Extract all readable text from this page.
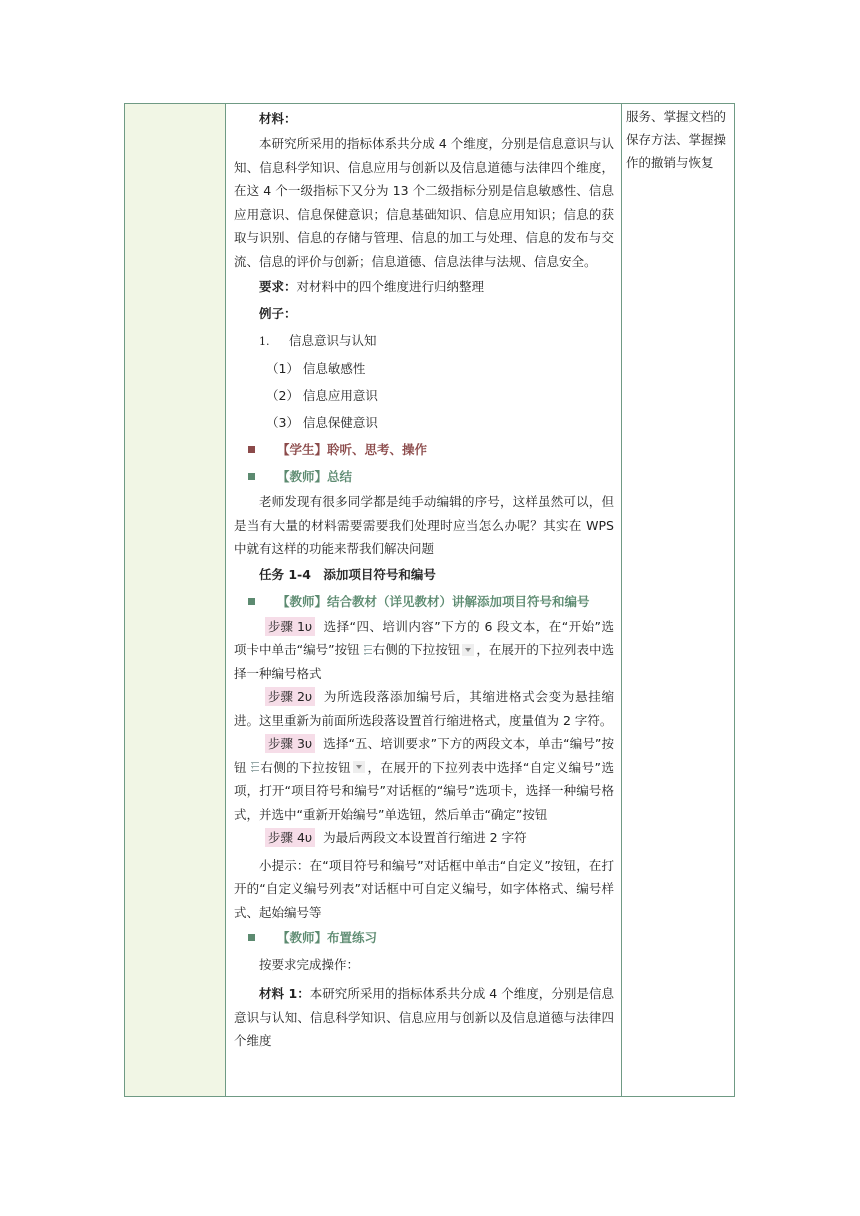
材料：

本研究所采用的指标体系共分成 4 个维度，分别是信息意识与认知、信息科学知识、信息应用与创新以及信息道德与法律四个维度，在这 4 个一级指标下又分为 13 个二级指标分别是信息敏感性、信息应用意识、信息保健意识；信息基础知识、信息应用知识；信息的获取与识别、信息的存储与管理、信息的加工与处理、信息的发布与交流、信息的评价与创新；信息道德、信息法律与法规、信息安全。

要求：对材料中的四个维度进行归纳整理

例子：

1. 信息意识与认知

（1） 信息敏感性

（2） 信息应用意识

（3） 信息保健意识

【学生】聆听、思考、操作

【教师】总结

老师发现有很多同学都是纯手动编辑的序号，这样虽然可以，但是当有大量的材料需要需要我们处理时应当怎么办呢？其实在 WPS 中就有这样的功能来帮我们解决问题

任务 1-4　添加项目符号和编号

【教师】结合教材（详见教材）讲解添加项目符号和编号

步骤 1υ 选择“四、培训内容”下方的 6 段文本，在“开始”选项卡中单击“编号”按钮 ⋮ 右侧的下拉按钮 ，在展开的下拉列表中选择一种编号格式

步骤 2υ 为所选段落添加编号后，其缩进格式会变为悬挂缩进。这里重新为前面所选段落设置首行缩进格式，度量值为 2 字符。

步骤 3υ 选择“五、培训要求”下方的两段文本，单击“编号”按钮 ⋮ 右侧的下拉按钮 ，在展开的下拉列表中选择“自定义编号”选项，打开“项目符号和编号”对话框的“编号”选项卡，选择一种编号格式，并选中“重新开始编号”单选钮，然后单击“确定”按钮

步骤 4υ 为最后两段文本设置首行缩进 2 字符

小提示：在“项目符号和编号”对话框中单击“自定义”按钮，在打开的“自定义编号列表”对话框中可自定义编号，如字体格式、编号样式、起始编号等

【教师】布置练习

按要求完成操作：

材料 1：本研究所采用的指标体系共分成 4 个维度，分别是信息意识与认知、信息科学知识、信息应用与创新以及信息道德与法律四个维度

服务、掌握文档的保存方法、掌握操作的撤销与恢复
